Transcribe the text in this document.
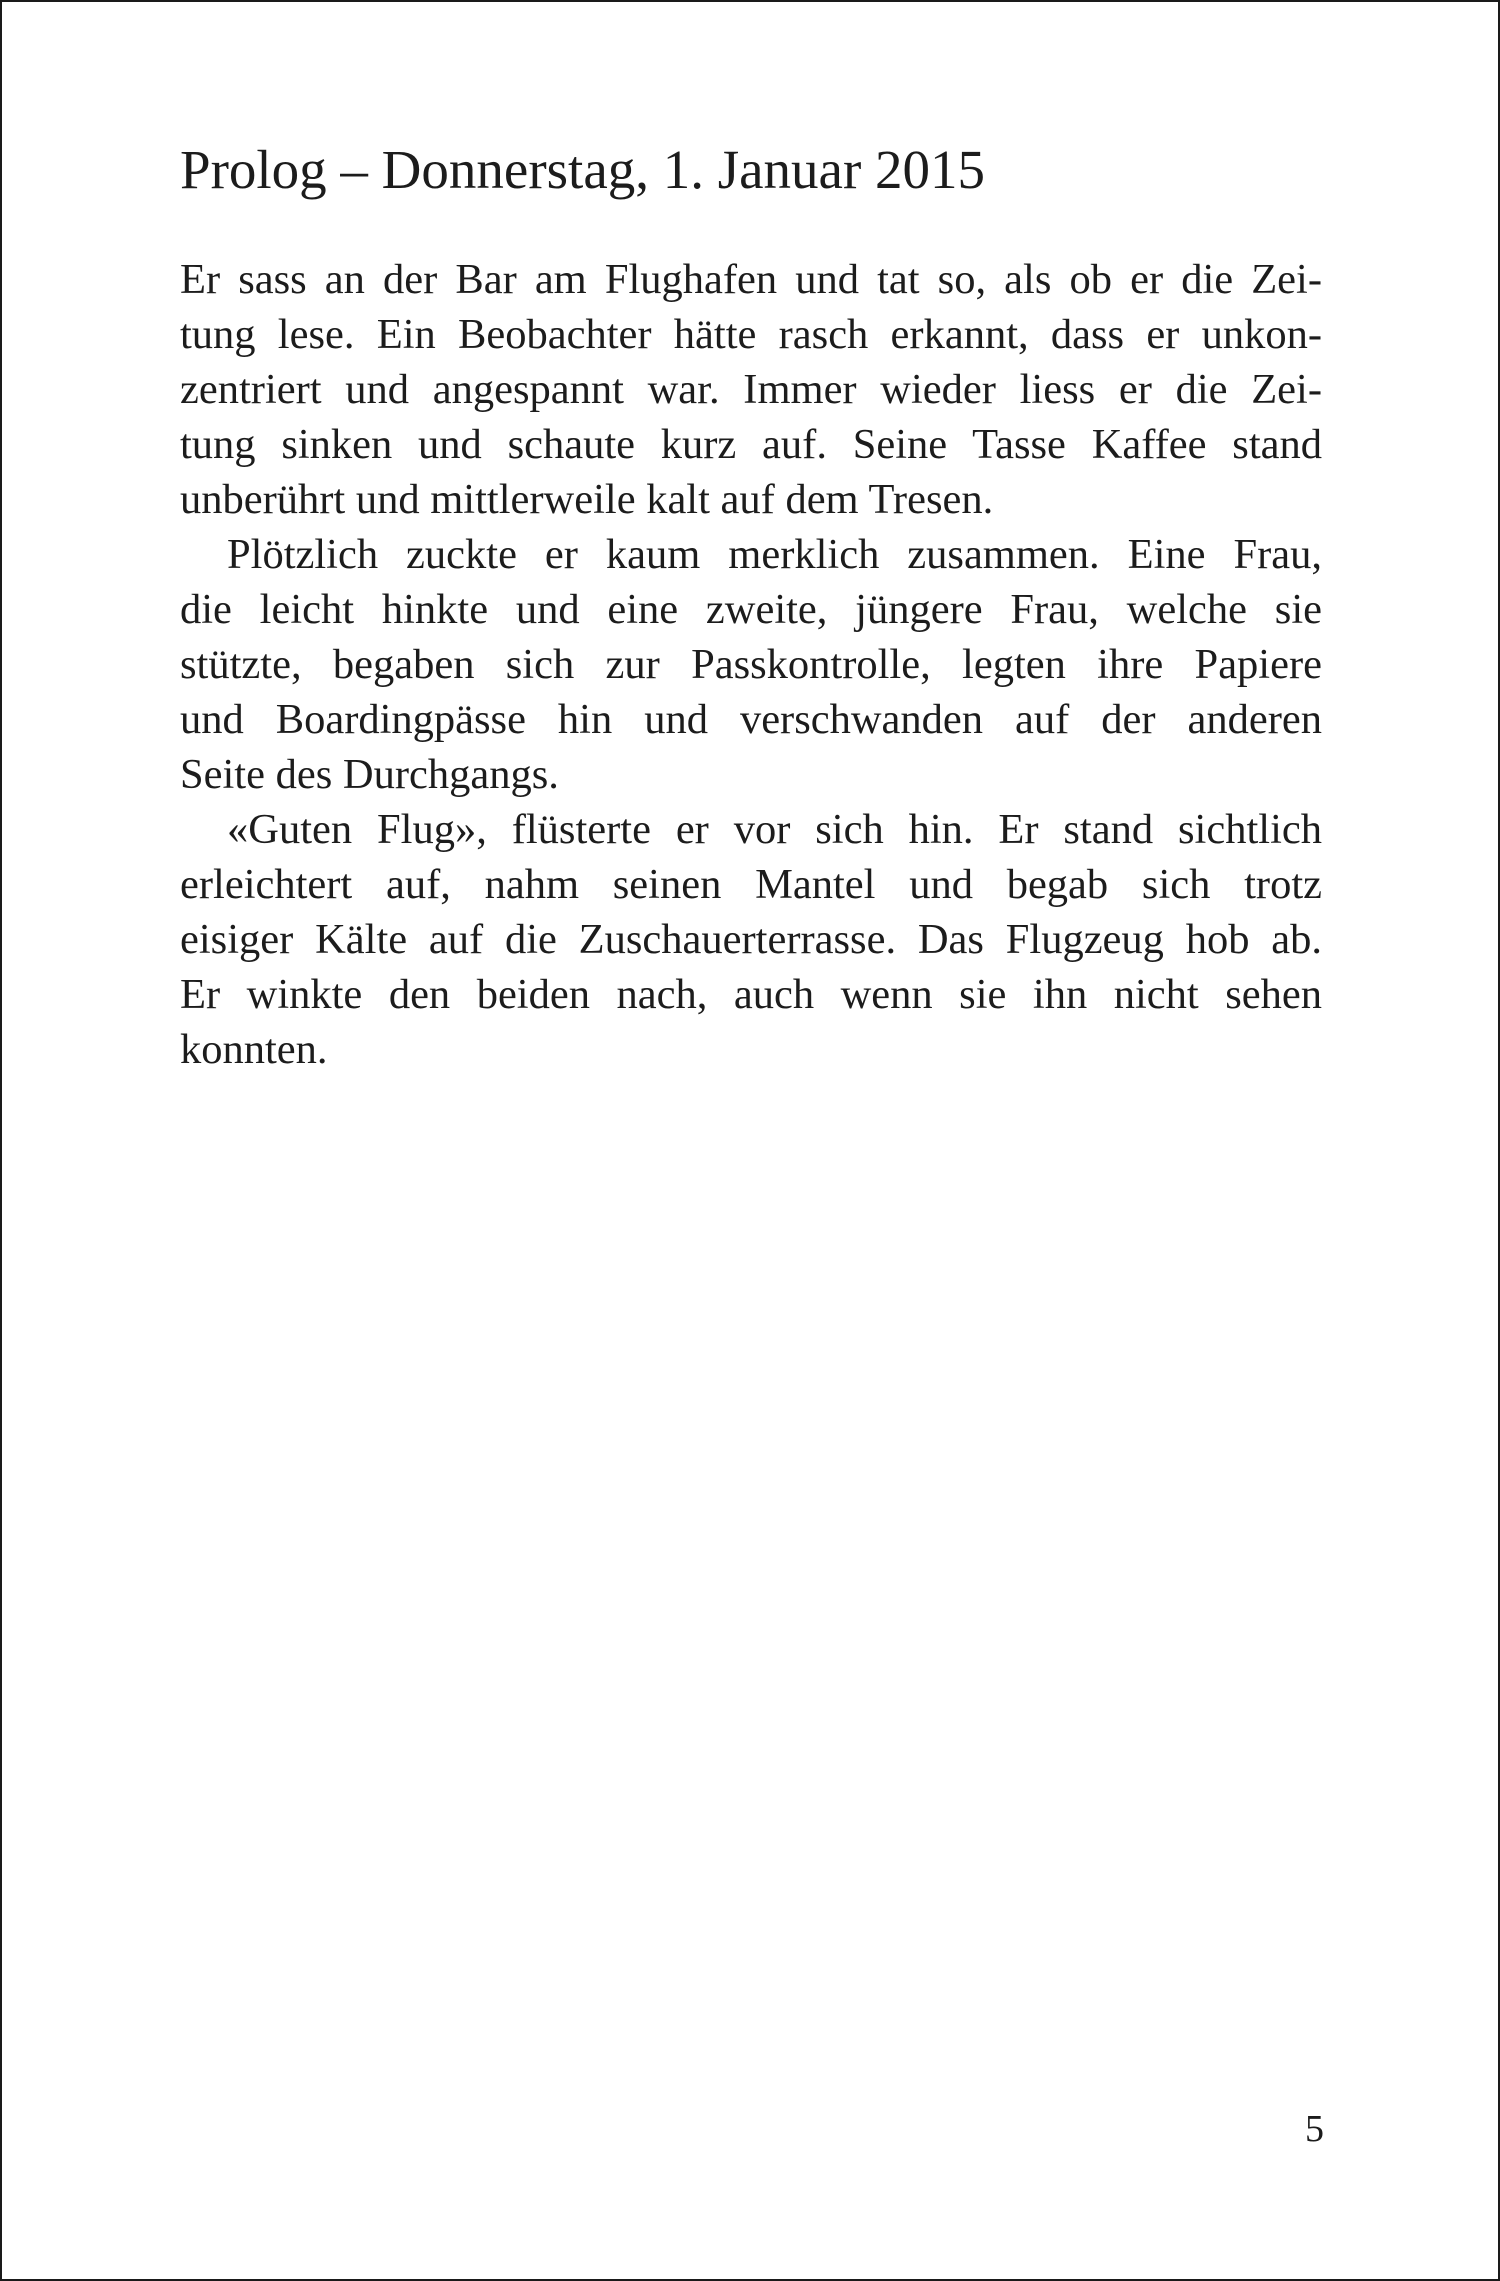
Prolog – Donnerstag, 1. Januar 2015
Er sass an der Bar am Flughafen und tat so, als ob er die Zei-
tung lese. Ein Beobachter hätte rasch erkannt, dass er unkon-
zentriert und angespannt war. Immer wieder liess er die Zei-
tung sinken und schaute kurz auf. Seine Tasse Kaffee stand
unberührt und mittlerweile kalt auf dem Tresen.
Plötzlich zuckte er kaum merklich zusammen. Eine Frau,
die leicht hinkte und eine zweite, jüngere Frau, welche sie
stützte, begaben sich zur Passkontrolle, legten ihre Papiere
und Boardingpässe hin und verschwanden auf der anderen
Seite des Durchgangs.
«Guten Flug», flüsterte er vor sich hin. Er stand sichtlich
erleichtert auf, nahm seinen Mantel und begab sich trotz
eisiger Kälte auf die Zuschauerterrasse. Das Flugzeug hob ab.
Er winkte den beiden nach, auch wenn sie ihn nicht sehen
konnten.
5
